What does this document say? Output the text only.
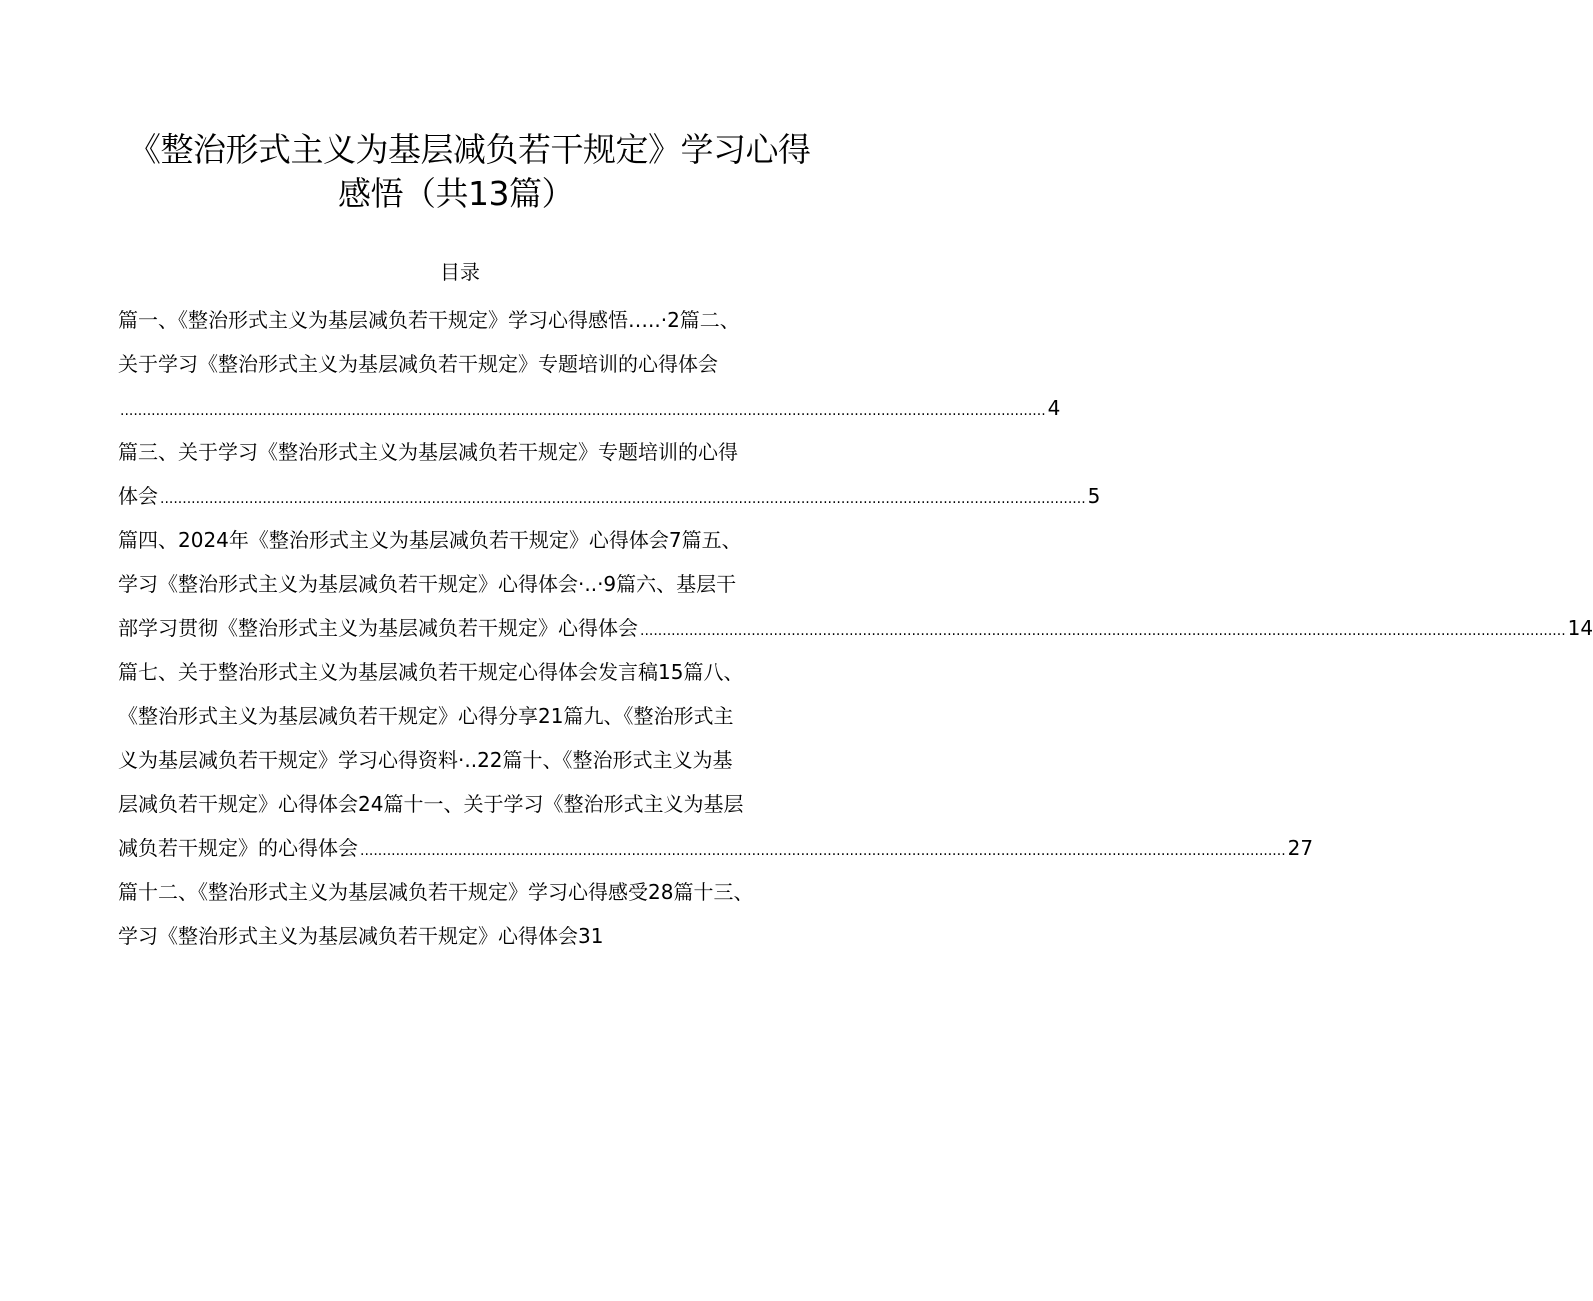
《整治形式主义为基层减负若干规定》学习心得
感悟（共13篇）
目录
篇一、《整治形式主义为基层减负若干规定》学习心得感悟…..·2篇二、
关于学习《整治形式主义为基层减负若干规定》专题培训的心得体会
................................................................................................................................................................................................................ 4
篇三、关于学习《整治形式主义为基层减负若干规定》专题培训的心得
体会 ................................................................................................................................................................................................................ 5
篇四、2024年《整治形式主义为基层减负若干规定》心得体会7篇五、
学习《整治形式主义为基层减负若干规定》心得体会·..·9篇六、基层干
部学习贯彻《整治形式主义为基层减负若干规定》心得体会 ................................................................................................................................................................................................................ 14
篇七、关于整治形式主义为基层减负若干规定心得体会发言稿15篇八、
《整治形式主义为基层减负若干规定》心得分享21篇九、《整治形式主
义为基层减负若干规定》学习心得资料·..22篇十、《整治形式主义为基
层减负若干规定》心得体会24篇十一、关于学习《整治形式主义为基层
减负若干规定》的心得体会 ................................................................................................................................................................................................................ 27
篇十二、《整治形式主义为基层减负若干规定》学习心得感受28篇十三、
学习《整治形式主义为基层减负若干规定》心得体会31
